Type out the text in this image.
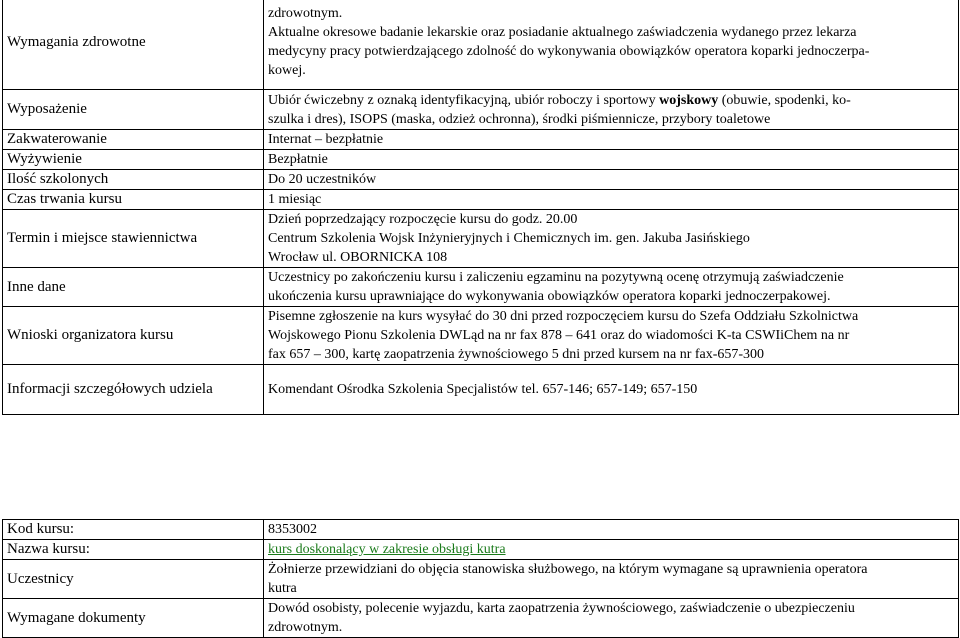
Wymagania zdrowotne	zdrowotnym.
Aktualne okresowe badanie lekarskie oraz posiadanie aktualnego zaświadczenia wydanego przez lekarza
medycyny pracy potwierdzającego zdolność do wykonywania obowiązków operatora koparki jednoczerpa-
kowej.

Wyposażenie	Ubiór ćwiczebny z oznaką identyfikacyjną, ubiór roboczy i sportowy wojskowy (obuwie, spodenki, ko-
szulka i dres), ISOPS (maska, odzież ochronna), środki piśmiennicze, przybory toaletowe

Zakwaterowanie	Internat – bezpłatnie
Wyżywienie	Bezpłatnie
Ilość szkolonych	Do 20 uczestników
Czas trwania kursu	1 miesiąc
Termin i miejsce stawiennictwa	Dzień poprzedzający rozpoczęcie kursu do godz. 20.00
Centrum Szkolenia Wojsk Inżynieryjnych i Chemicznych im. gen. Jakuba Jasińskiego
Wrocław ul. OBORNICKA 108

Inne dane	Uczestnicy po zakończeniu kursu i zaliczeniu egzaminu na pozytywną ocenę otrzymują zaświadczenie
ukończenia kursu uprawniające do wykonywania obowiązków operatora koparki jednoczerpakowej.

Wnioski organizatora kursu	Pisemne zgłoszenie na kurs wysyłać do 30 dni przed rozpoczęciem kursu do Szefa Oddziału Szkolnictwa
Wojskowego Pionu Szkolenia DWLąd na nr fax 878 – 641 oraz do wiadomości K-ta CSWIiChem na nr
fax 657 – 300, kartę zaopatrzenia żywnościowego 5 dni przed kursem na nr fax-657-300

Informacji szczegółowych udziela	Komendant Ośrodka Szkolenia Specjalistów tel. 657-146; 657-149; 657-150
Kod kursu:	8353002
Nazwa kursu:	kurs doskonalący w zakresie obsługi kutra
Uczestnicy	Żołnierze przewidziani do objęcia stanowiska służbowego, na którym wymagane są uprawnienia operatora
kutra

Wymagane dokumenty	Dowód osobisty, polecenie wyjazdu, karta zaopatrzenia żywnościowego, zaświadczenie o ubezpieczeniu
zdrowotnym.
